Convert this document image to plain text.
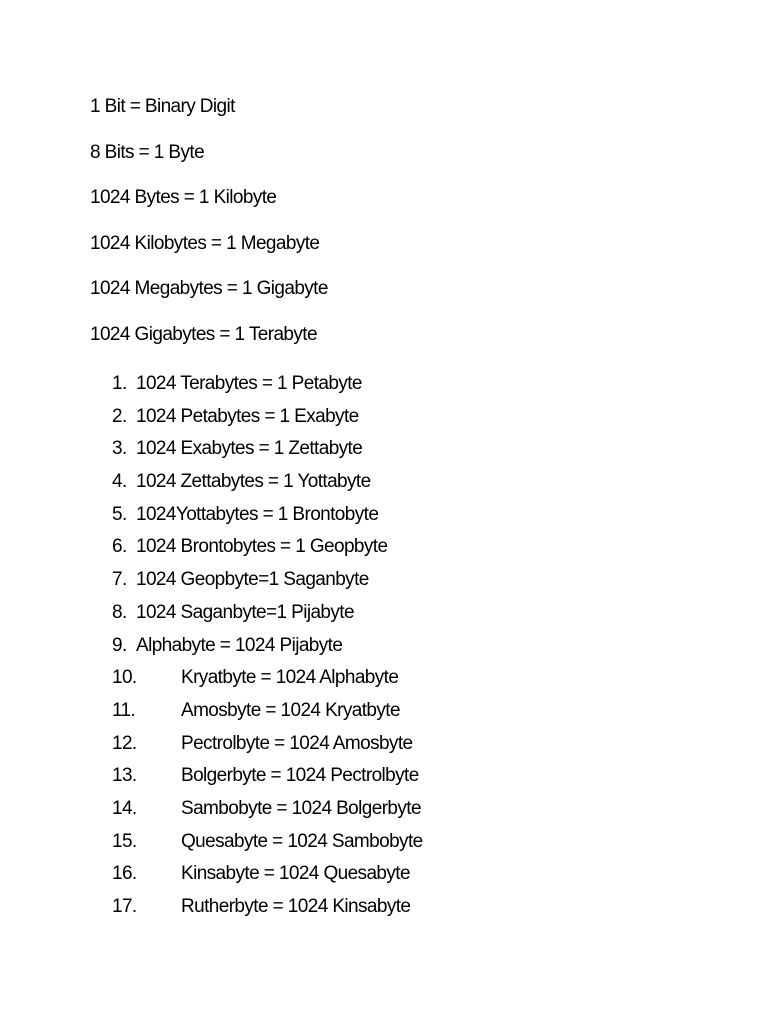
1 Bit = Binary Digit

8 Bits = 1 Byte

1024 Bytes = 1 Kilobyte

1024 Kilobytes = 1 Megabyte

1024 Megabytes = 1 Gigabyte

1024 Gigabytes = 1 Terabyte

1. 1024 Terabytes = 1 Petabyte
2. 1024 Petabytes = 1 Exabyte
3. 1024 Exabytes = 1 Zettabyte
4. 1024 Zettabytes = 1 Yottabyte
5. 1024Yottabytes = 1 Brontobyte
6. 1024 Brontobytes = 1 Geopbyte
7. 1024 Geopbyte=1 Saganbyte
8. 1024 Saganbyte=1 Pijabyte
9. Alphabyte = 1024 Pijabyte
10. Kryatbyte = 1024 Alphabyte
11. Amosbyte = 1024 Kryatbyte
12. Pectrolbyte = 1024 Amosbyte
13. Bolgerbyte = 1024 Pectrolbyte
14. Sambobyte = 1024 Bolgerbyte
15. Quesabyte = 1024 Sambobyte
16. Kinsabyte = 1024 Quesabyte
17. Rutherbyte = 1024 Kinsabyte
